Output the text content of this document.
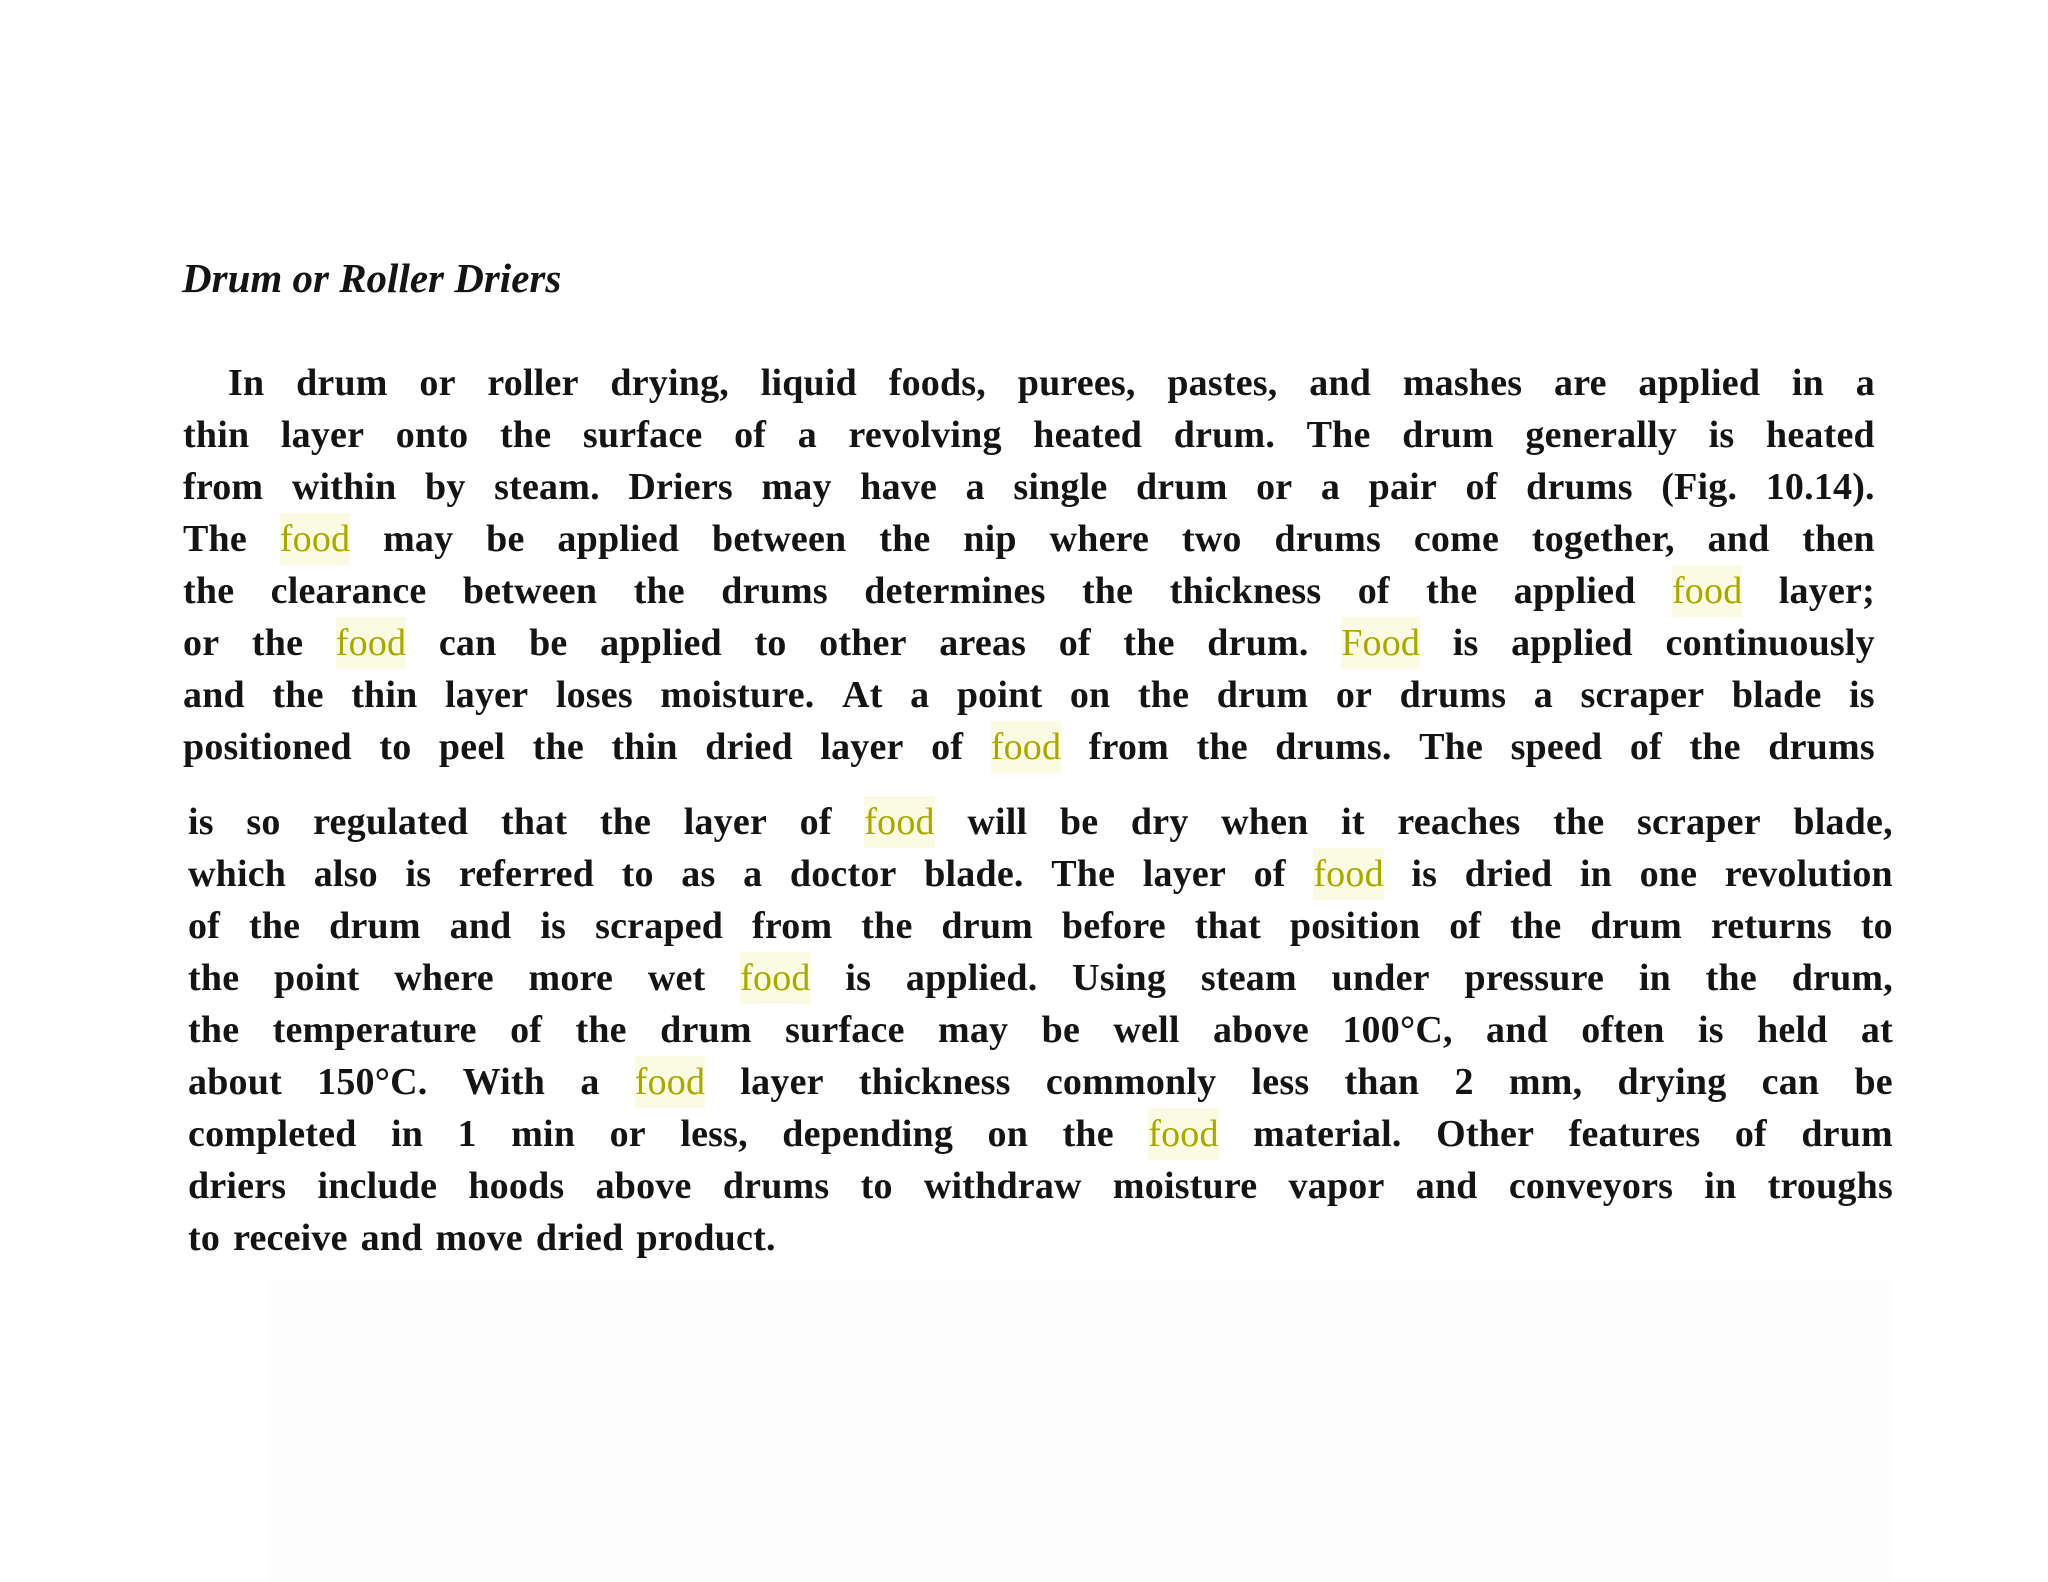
Drum or Roller Driers
In drum or roller drying, liquid foods, purees, pastes, and mashes are applied in a
thin layer onto the surface of a revolving heated drum. The drum generally is heated
from within by steam. Driers may have a single drum or a pair of drums (Fig. 10.14).
The food may be applied between the nip where two drums come together, and then
the clearance between the drums determines the thickness of the applied food layer;
or the food can be applied to other areas of the drum. Food is applied continuously
and the thin layer loses moisture. At a point on the drum or drums a scraper blade is
positioned to peel the thin dried layer of food from the drums. The speed of the drums
is so regulated that the layer of food will be dry when it reaches the scraper blade,
which also is referred to as a doctor blade. The layer of food is dried in one revolution
of the drum and is scraped from the drum before that position of the drum returns to
the point where more wet food is applied. Using steam under pressure in the drum,
the temperature of the drum surface may be well above 100°C, and often is held at
about 150°C. With a food layer thickness commonly less than 2 mm, drying can be
completed in 1 min or less, depending on the food material. Other features of drum
driers include hoods above drums to withdraw moisture vapor and conveyors in troughs
to receive and move dried product.
